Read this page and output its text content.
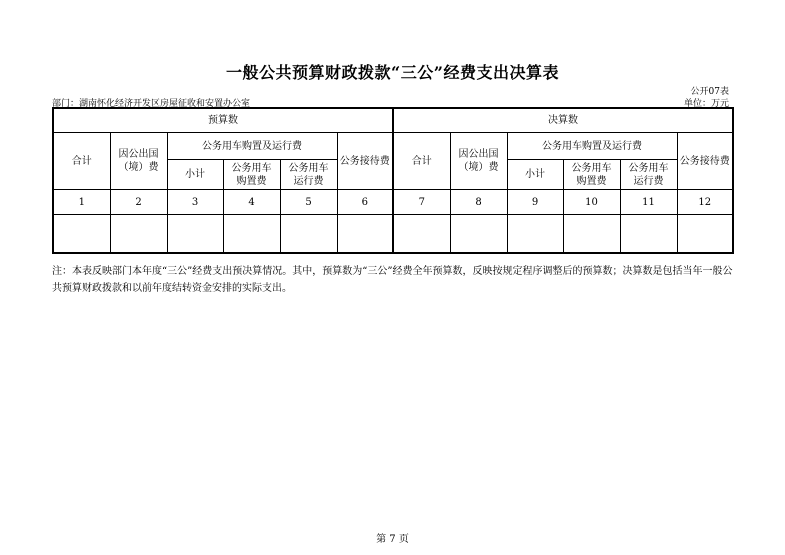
一般公共预算财政拨款“三公”经费支出决算表
公开07表
部门：湖南怀化经济开发区房屋征收和安置办公室	单位：万元
预算数						决算数					
合计	因公出国（境）费	公务用车购置及运行费			公务接待费	合计	因公出国（境）费	公务用车购置及运行费			公务接待费
		小计	公务用车购置费	公务用车运行费				小计	公务用车购置费	公务用车运行费	

1	2	3	4	5	6	7	8	9	10	11	12

注：本表反映部门本年度“三公”经费支出预决算情况。其中，预算数为“三公”经费全年预算数，反映按规定程序调整后的预算数；决算数是包括当年一般公共预算财政拨款和以前年度结转资金安排的实际支出。
第 7 页
